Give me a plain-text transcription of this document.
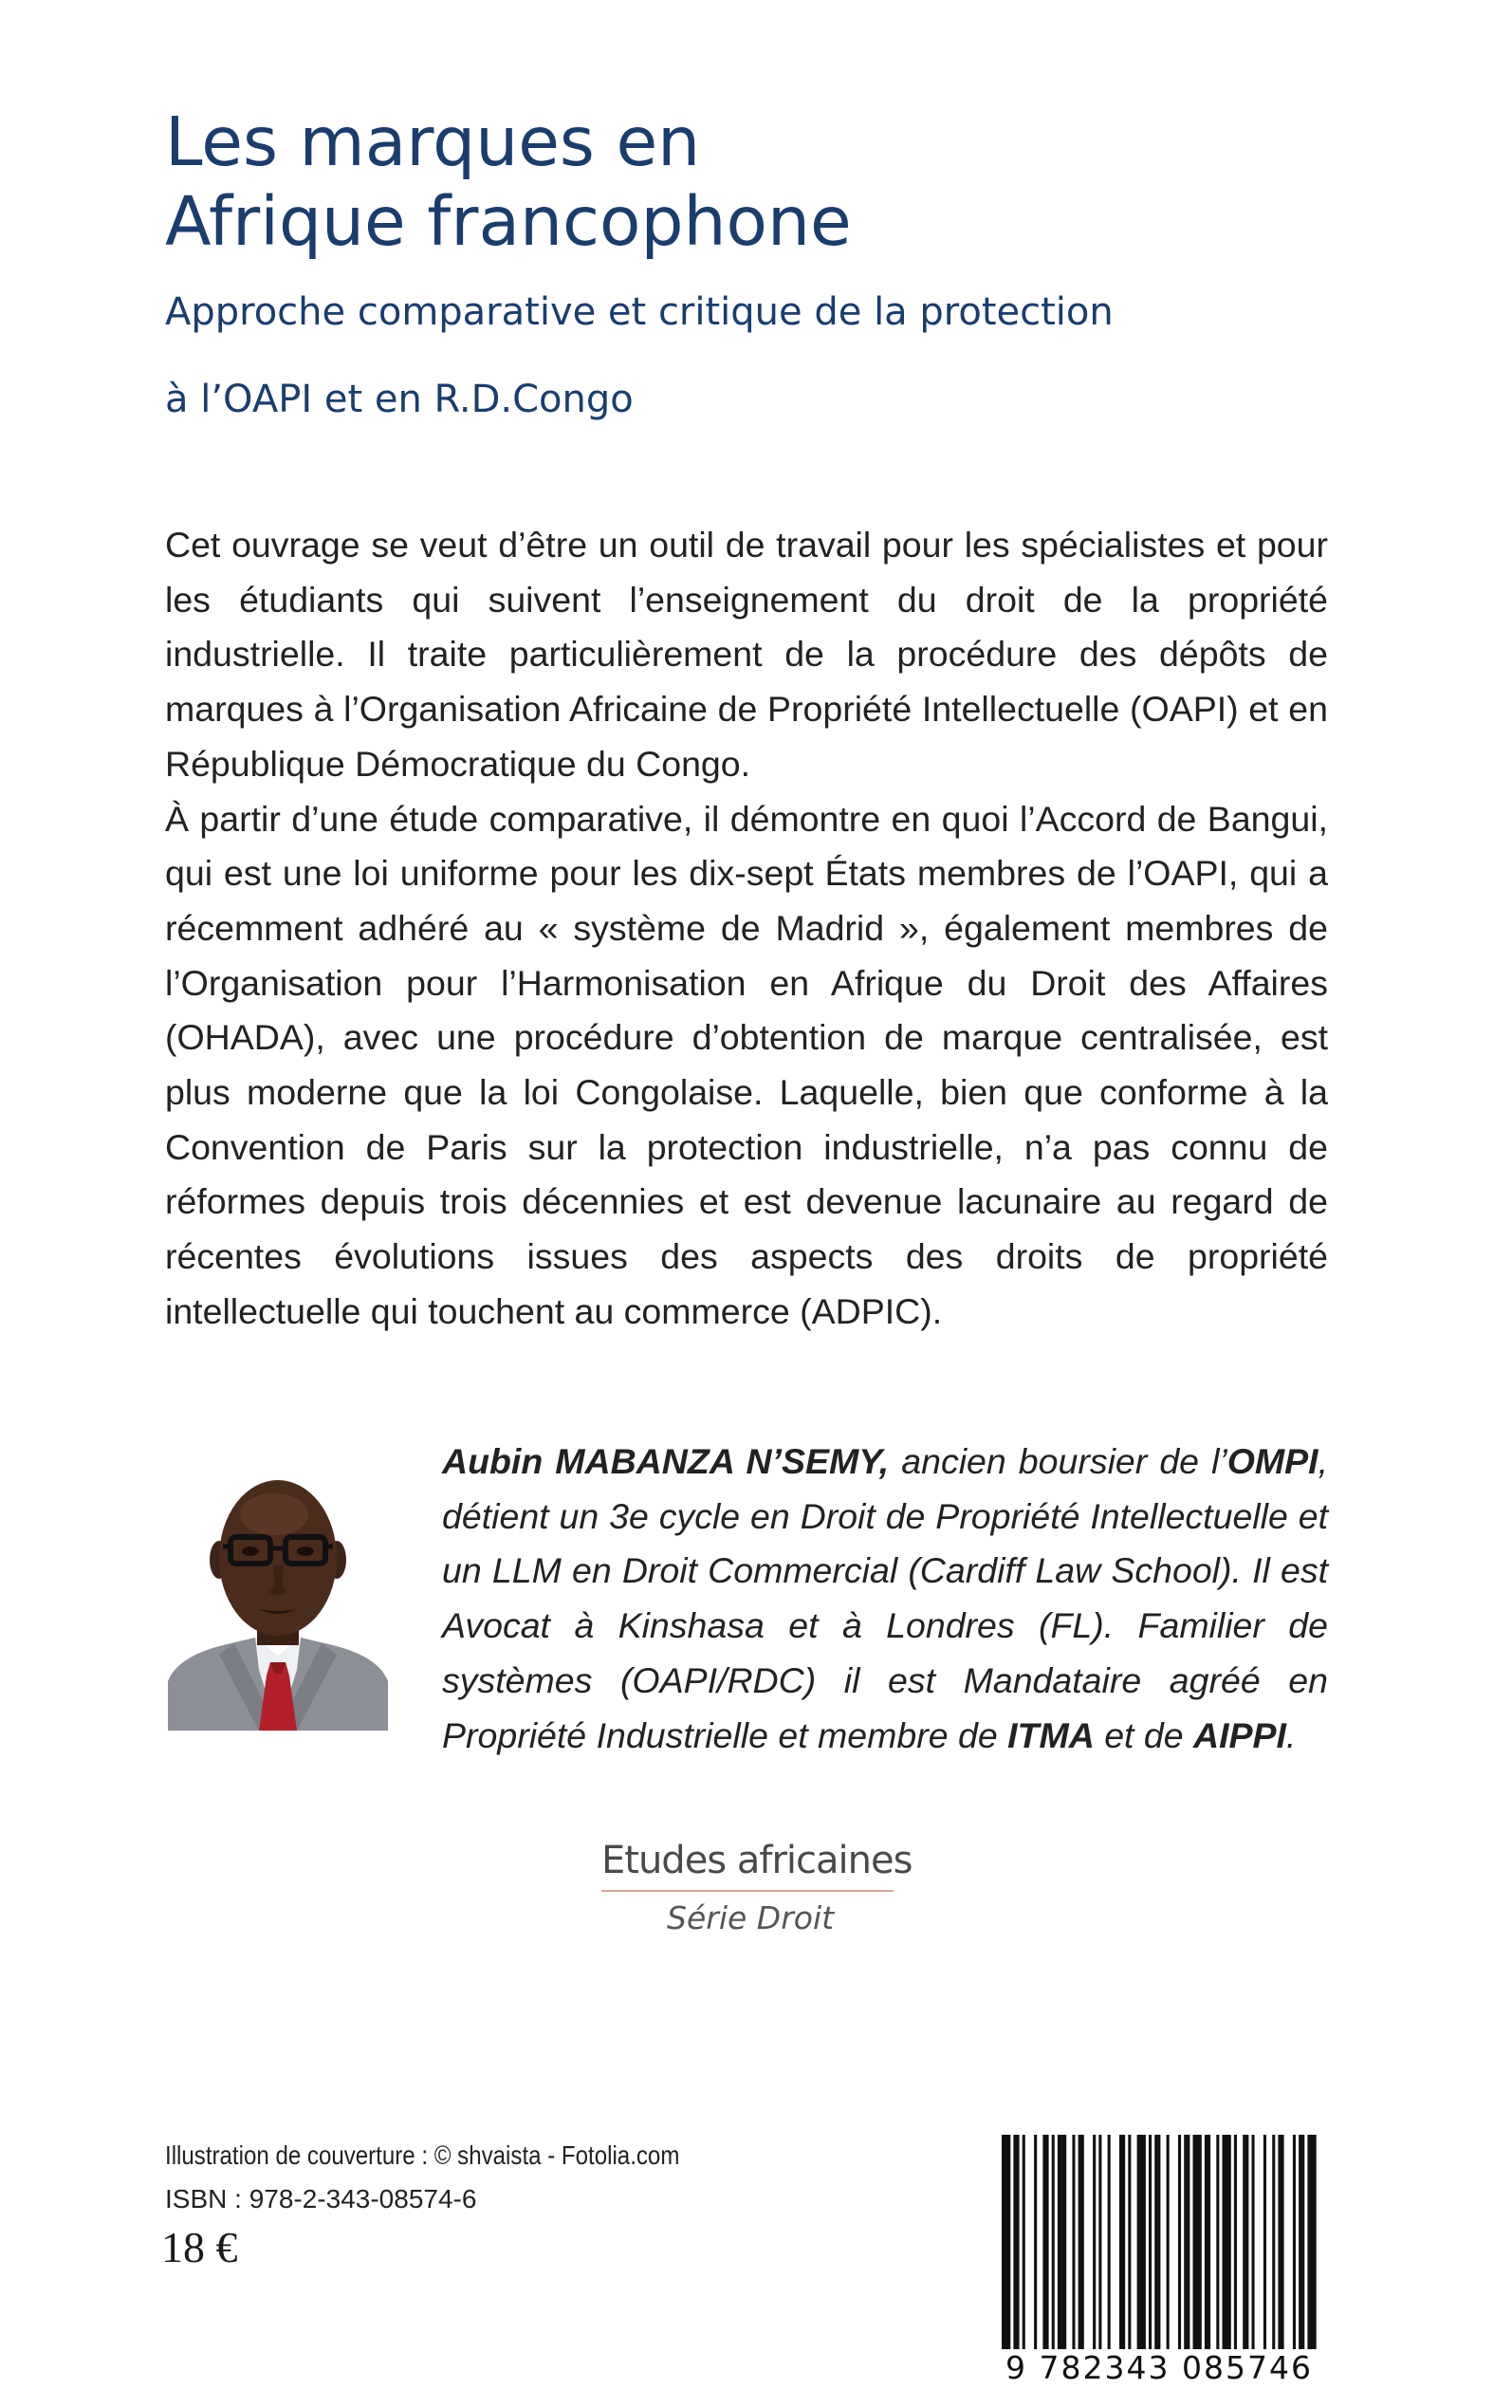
Les marques en
Afrique francophone
Approche comparative et critique de la protection
à l’OAPI et en R.D.Congo

Cet ouvrage se veut d’être un outil de travail pour les spécialistes et pour les étudiants qui suivent l’enseignement du droit de la propriété industrielle. Il traite particulièrement de la procédure des dépôts de marques à l’Organisation Africaine de Propriété Intellectuelle (OAPI) et en République Démocratique du Congo.

À partir d’une étude comparative, il démontre en quoi l’Accord de Bangui, qui est une loi uniforme pour les dix-sept États membres de l’OAPI, qui a récemment adhéré au « système de Madrid », également membres de l’Organisation pour l’Harmonisation en Afrique du Droit des Affaires (OHADA), avec une procédure d’obtention de marque centralisée, est plus moderne que la loi Congolaise. Laquelle, bien que conforme à la Convention de Paris sur la protection industrielle, n’a pas connu de réformes depuis trois décennies et est devenue lacunaire au regard de récentes évolutions issues des aspects des droits de propriété intellectuelle qui touchent au commerce (ADPIC).

Aubin MABANZA N’SEMY, ancien boursier de l’OMPI, détient un 3e cycle en Droit de Propriété Intellectuelle et un LLM en Droit Commercial (Cardiff Law School). Il est Avocat à Kinshasa et à Londres (FL). Familier de systèmes (OAPI/RDC) il est Mandataire agréé en Propriété Industrielle et membre de ITMA et de AIPPI.
Etudes africaines
Série Droit
Illustration de couverture : © shvaista - Fotolia.com
ISBN : 978-2-343-08574-6
18 €
9 782343 085746
